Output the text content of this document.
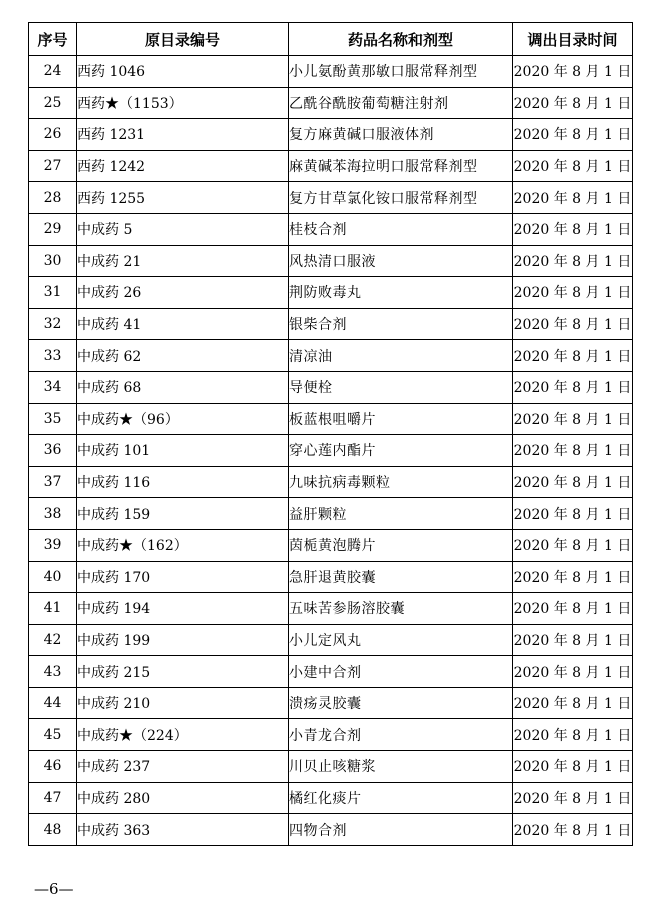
序号	原目录编号	药品名称和剂型	调出目录时间
24	西药 1046	小儿氨酚黄那敏口服常释剂型	2020 年 8 月 1 日
25	西药★（1153）	乙酰谷酰胺葡萄糖注射剂	2020 年 8 月 1 日
26	西药 1231	复方麻黄碱口服液体剂	2020 年 8 月 1 日
27	西药 1242	麻黄碱苯海拉明口服常释剂型	2020 年 8 月 1 日
28	西药 1255	复方甘草氯化铵口服常释剂型	2020 年 8 月 1 日
29	中成药 5	桂枝合剂	2020 年 8 月 1 日
30	中成药 21	风热清口服液	2020 年 8 月 1 日
31	中成药 26	荆防败毒丸	2020 年 8 月 1 日
32	中成药 41	银柴合剂	2020 年 8 月 1 日
33	中成药 62	清凉油	2020 年 8 月 1 日
34	中成药 68	导便栓	2020 年 8 月 1 日
35	中成药★（96）	板蓝根咀嚼片	2020 年 8 月 1 日
36	中成药 101	穿心莲内酯片	2020 年 8 月 1 日
37	中成药 116	九味抗病毒颗粒	2020 年 8 月 1 日
38	中成药 159	益肝颗粒	2020 年 8 月 1 日
39	中成药★（162）	茵栀黄泡腾片	2020 年 8 月 1 日
40	中成药 170	急肝退黄胶囊	2020 年 8 月 1 日
41	中成药 194	五味苦参肠溶胶囊	2020 年 8 月 1 日
42	中成药 199	小儿定风丸	2020 年 8 月 1 日
43	中成药 215	小建中合剂	2020 年 8 月 1 日
44	中成药 210	溃疡灵胶囊	2020 年 8 月 1 日
45	中成药★（224）	小青龙合剂	2020 年 8 月 1 日
46	中成药 237	川贝止咳糖浆	2020 年 8 月 1 日
47	中成药 280	橘红化痰片	2020 年 8 月 1 日
48	中成药 363	四物合剂	2020 年 8 月 1 日
—6—
